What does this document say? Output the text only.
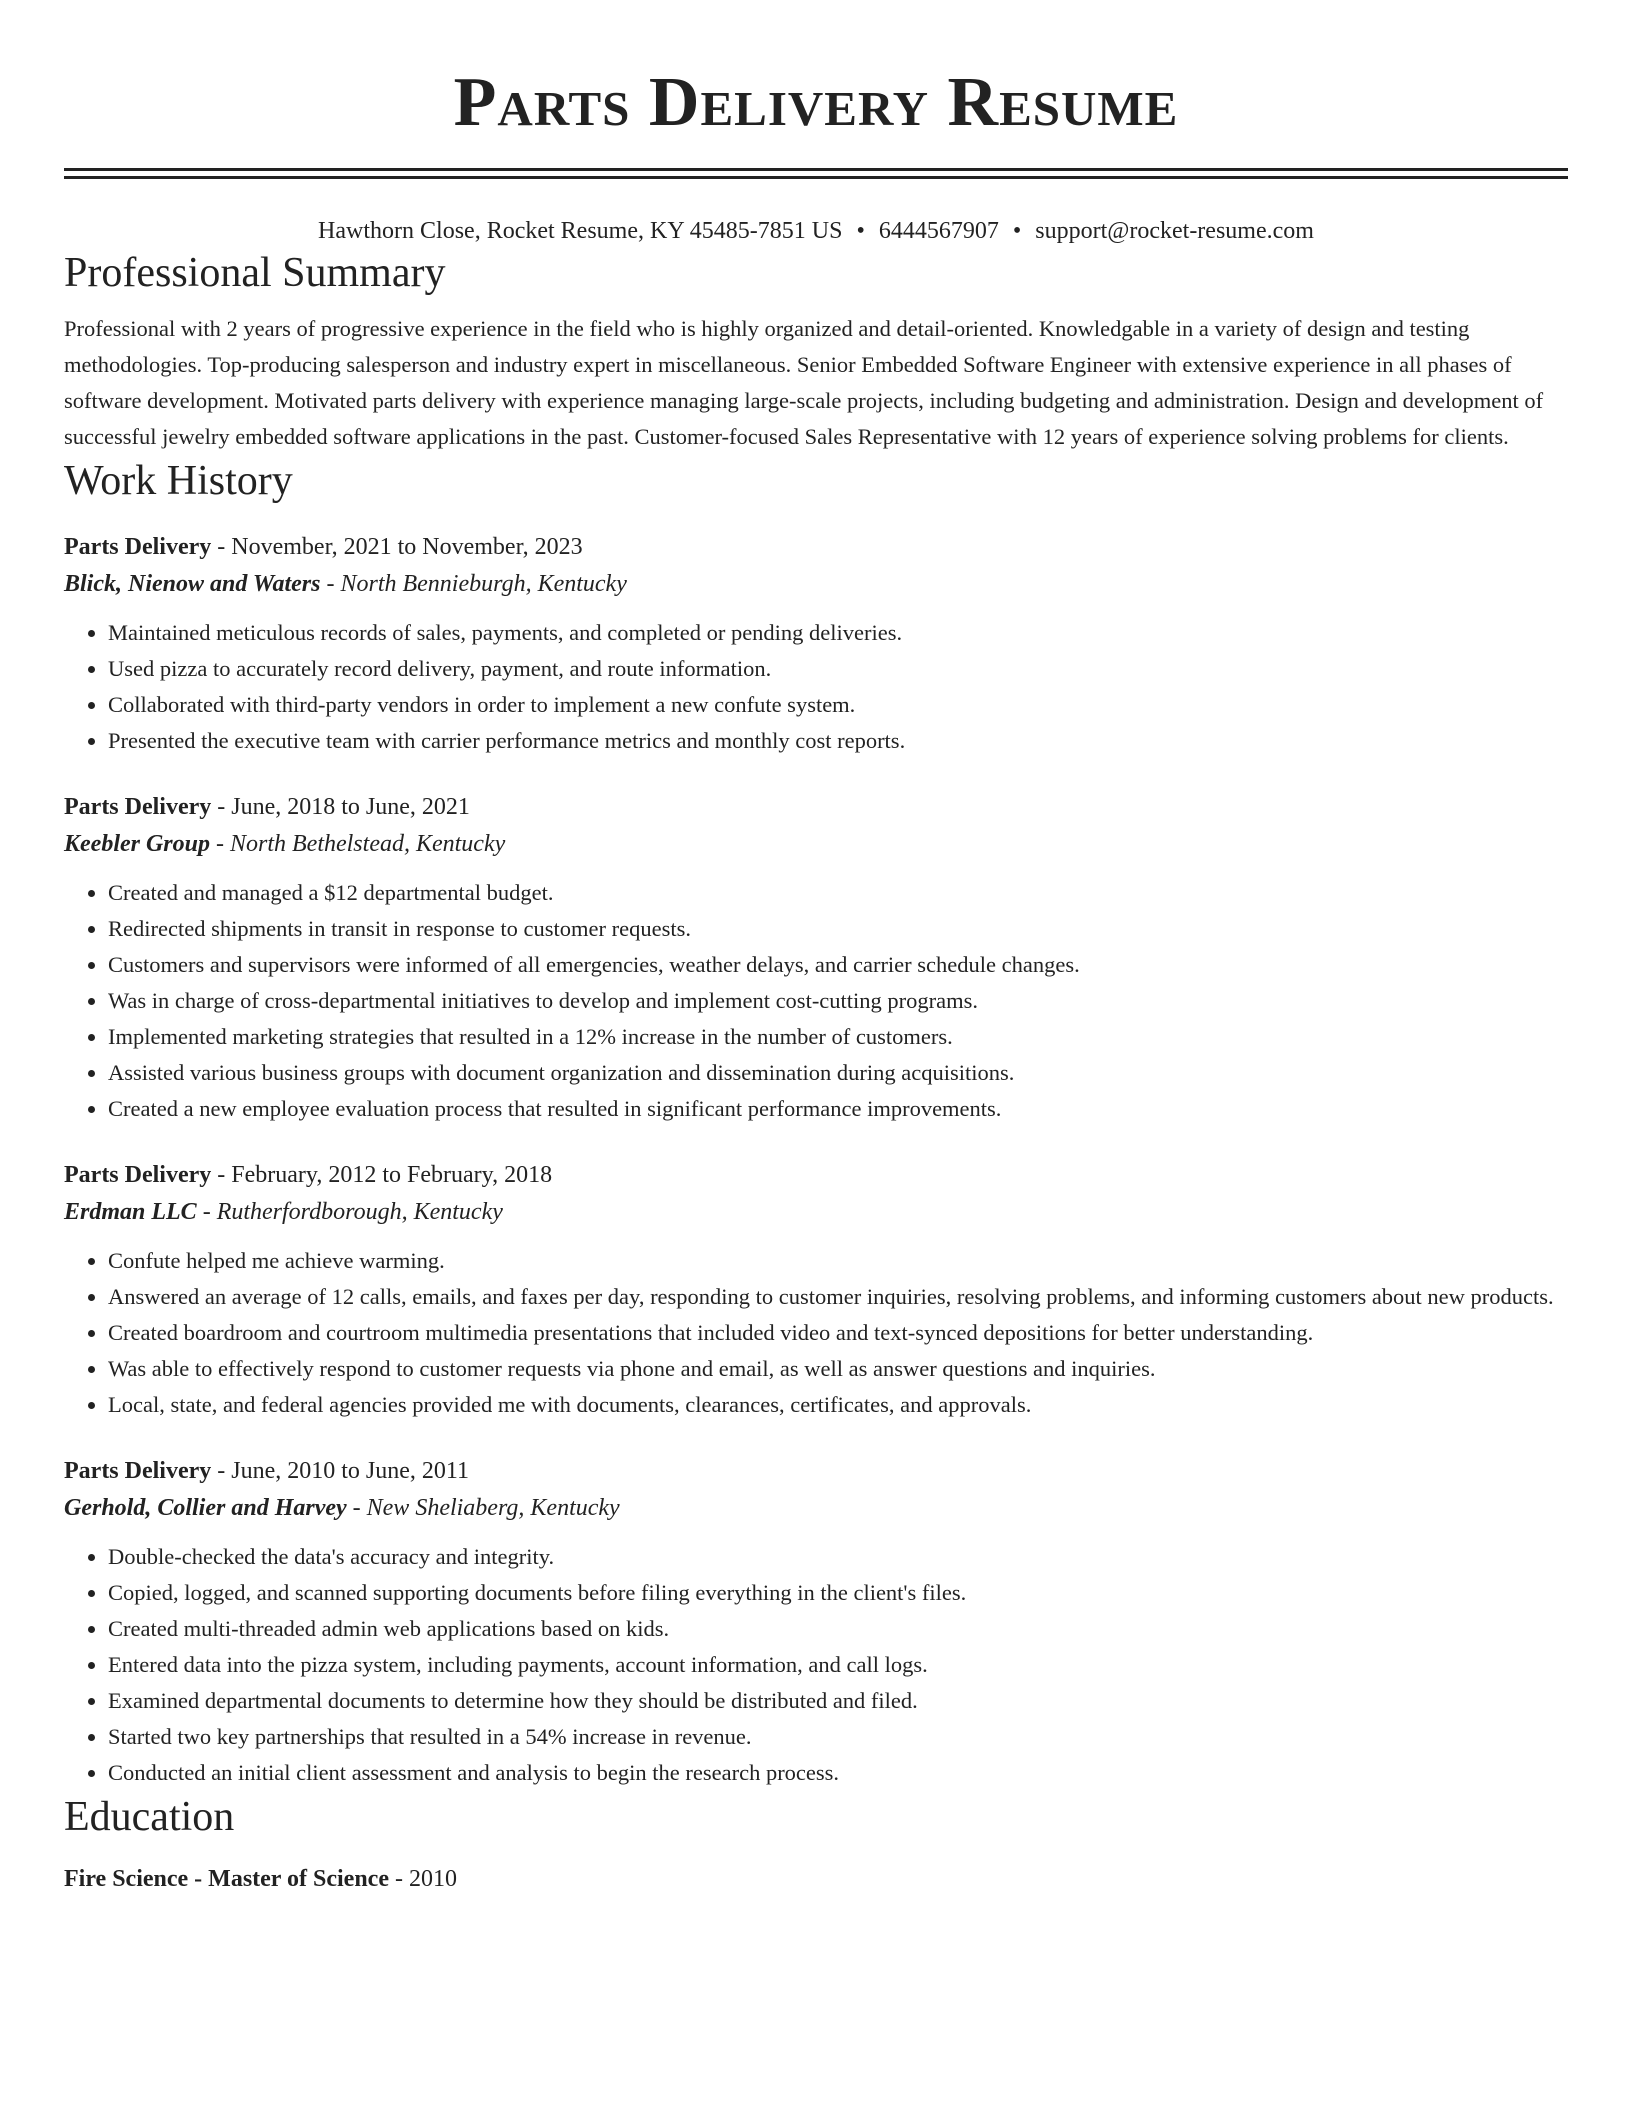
Parts Delivery Resume
Hawthorn Close, Rocket Resume, KY 45485-7851 US • 6444567907 • support@rocket-resume.com
Professional Summary
Professional with 2 years of progressive experience in the field who is highly organized and detail-oriented. Knowledgable in a variety of design and testing methodologies. Top-producing salesperson and industry expert in miscellaneous. Senior Embedded Software Engineer with extensive experience in all phases of software development. Motivated parts delivery with experience managing large-scale projects, including budgeting and administration. Design and development of successful jewelry embedded software applications in the past. Customer-focused Sales Representative with 12 years of experience solving problems for clients.
Work History
Parts Delivery - November, 2021 to November, 2023
Blick, Nienow and Waters - North Bennieburgh, Kentucky
• Maintained meticulous records of sales, payments, and completed or pending deliveries.
• Used pizza to accurately record delivery, payment, and route information.
• Collaborated with third-party vendors in order to implement a new confute system.
• Presented the executive team with carrier performance metrics and monthly cost reports.
Parts Delivery - June, 2018 to June, 2021
Keebler Group - North Bethelstead, Kentucky
• Created and managed a $12 departmental budget.
• Redirected shipments in transit in response to customer requests.
• Customers and supervisors were informed of all emergencies, weather delays, and carrier schedule changes.
• Was in charge of cross-departmental initiatives to develop and implement cost-cutting programs.
• Implemented marketing strategies that resulted in a 12% increase in the number of customers.
• Assisted various business groups with document organization and dissemination during acquisitions.
• Created a new employee evaluation process that resulted in significant performance improvements.
Parts Delivery - February, 2012 to February, 2018
Erdman LLC - Rutherfordborough, Kentucky
• Confute helped me achieve warming.
• Answered an average of 12 calls, emails, and faxes per day, responding to customer inquiries, resolving problems, and informing customers about new products.
• Created boardroom and courtroom multimedia presentations that included video and text-synced depositions for better understanding.
• Was able to effectively respond to customer requests via phone and email, as well as answer questions and inquiries.
• Local, state, and federal agencies provided me with documents, clearances, certificates, and approvals.
Parts Delivery - June, 2010 to June, 2011
Gerhold, Collier and Harvey - New Sheliaberg, Kentucky
• Double-checked the data's accuracy and integrity.
• Copied, logged, and scanned supporting documents before filing everything in the client's files.
• Created multi-threaded admin web applications based on kids.
• Entered data into the pizza system, including payments, account information, and call logs.
• Examined departmental documents to determine how they should be distributed and filed.
• Started two key partnerships that resulted in a 54% increase in revenue.
• Conducted an initial client assessment and analysis to begin the research process.
Education
Fire Science - Master of Science - 2010
